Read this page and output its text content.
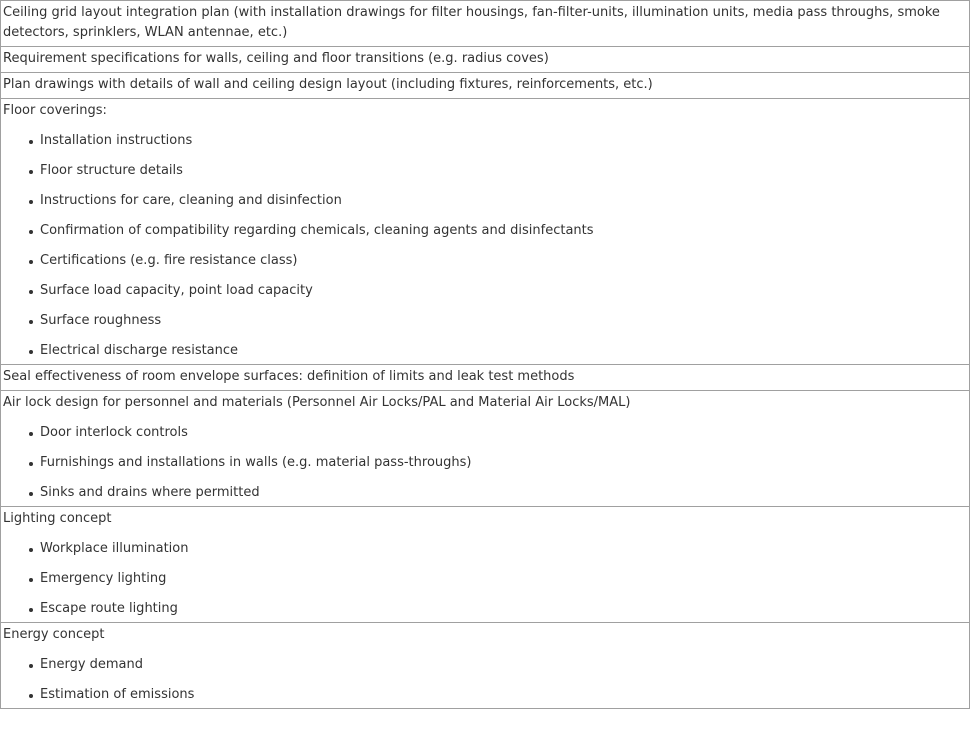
Ceiling grid layout integration plan (with installation drawings for filter housings, fan-filter-units, illumination units, media pass throughs, smoke detectors, sprinklers, WLAN antennae, etc.)

Requirement specifications for walls, ceiling and floor transitions (e.g. radius coves)

Plan drawings with details of wall and ceiling design layout (including fixtures, reinforcements, etc.)

Floor coverings:
Installation instructions
Floor structure details
Instructions for care, cleaning and disinfection
Confirmation of compatibility regarding chemicals, cleaning agents and disinfectants
Certifications (e.g. fire resistance class)
Surface load capacity, point load capacity
Surface roughness
Electrical discharge resistance

Seal effectiveness of room envelope surfaces: definition of limits and leak test methods

Air lock design for personnel and materials (Personnel Air Locks/PAL and Material Air Locks/MAL)
Door interlock controls
Furnishings and installations in walls (e.g. material pass-throughs)
Sinks and drains where permitted

Lighting concept
Workplace illumination
Emergency lighting
Escape route lighting

Energy concept
Energy demand
Estimation of emissions
